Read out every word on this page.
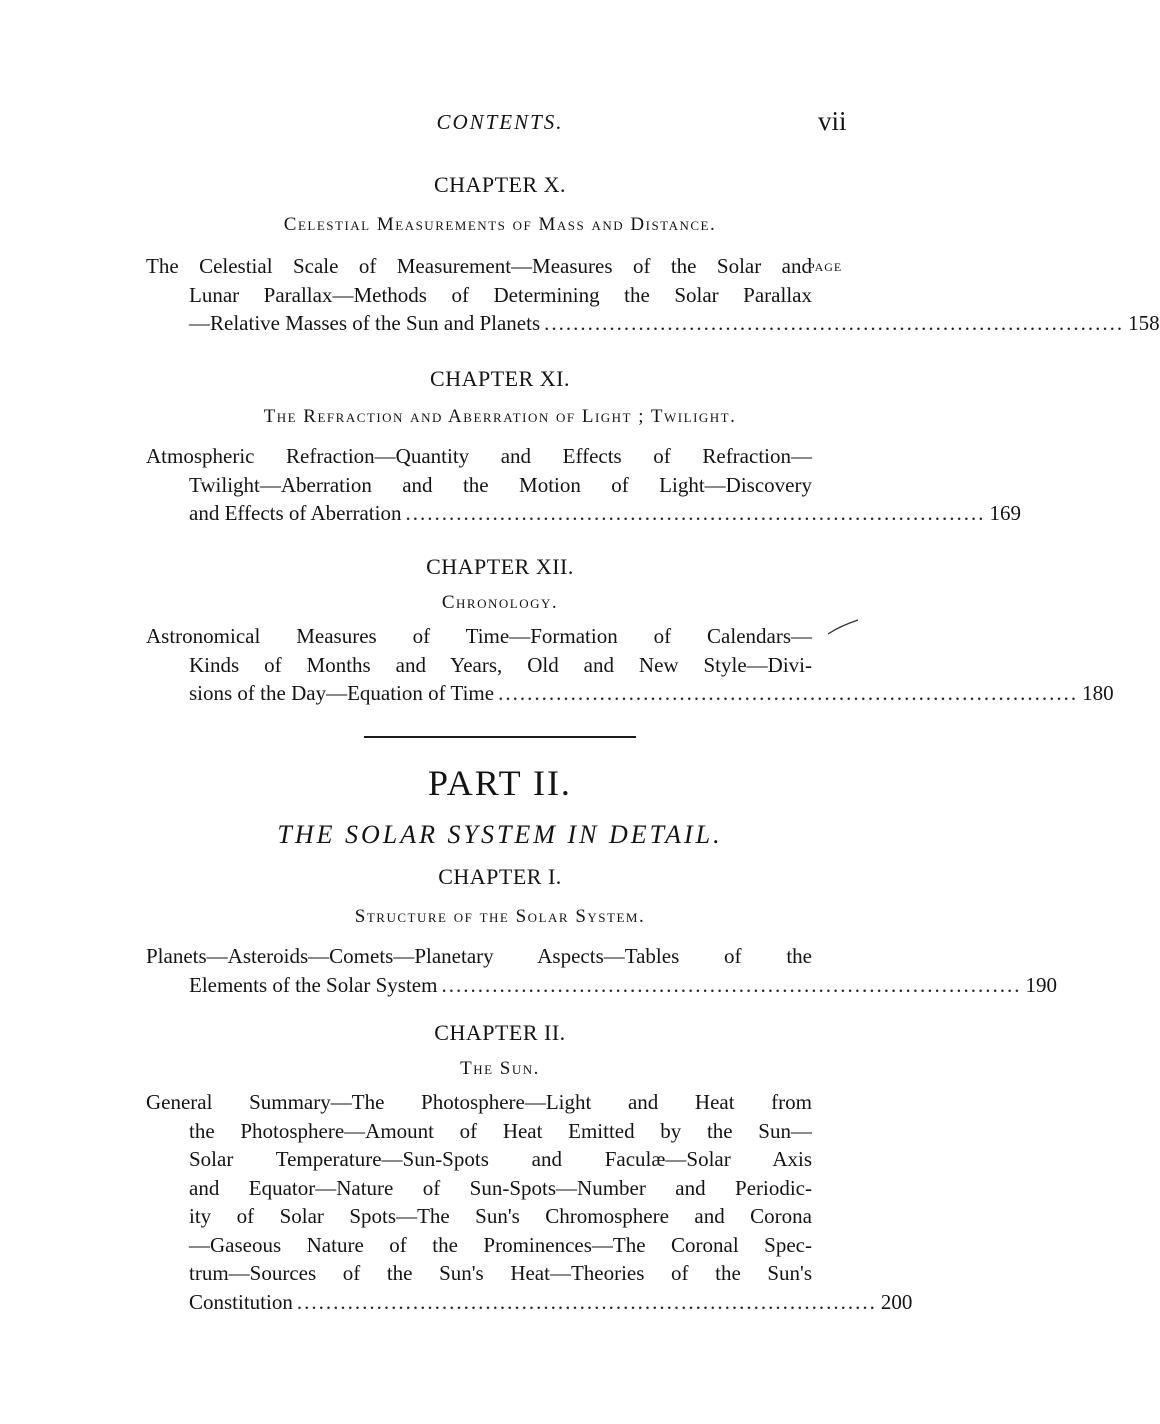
CONTENTS.	vii
CHAPTER X.
Celestial Measurements of Mass and Distance.
PAGE
The Celestial Scale of Measurement—Measures of the Solar and
Lunar Parallax—Methods of Determining the Solar Parallax
—Relative Masses of the Sun and Planets ................................................................................ 158
CHAPTER XI.
The Refraction and Aberration of Light ; Twilight.
Atmospheric Refraction—Quantity and Effects of Refraction—
Twilight—Aberration and the Motion of Light—Discovery
and Effects of Aberration ................................................................................ 169
CHAPTER XII.
Chronology.
Astronomical Measures of Time—Formation of Calendars—
Kinds of Months and Years, Old and New Style—Divi-
sions of the Day—Equation of Time ................................................................................ 180
PART II.
THE SOLAR SYSTEM IN DETAIL.
CHAPTER I.
Structure of the Solar System.
Planets—Asteroids—Comets—Planetary Aspects—Tables of the
Elements of the Solar System ................................................................................ 190
CHAPTER II.
The Sun.
General Summary—The Photosphere—Light and Heat from
the Photosphere—Amount of Heat Emitted by the Sun—
Solar Temperature—Sun-Spots and Faculæ—Solar Axis
and Equator—Nature of Sun-Spots—Number and Periodic-
ity of Solar Spots—The Sun's Chromosphere and Corona
—Gaseous Nature of the Prominences—The Coronal Spec-
trum—Sources of the Sun's Heat—Theories of the Sun's
Constitution ................................................................................ 200
